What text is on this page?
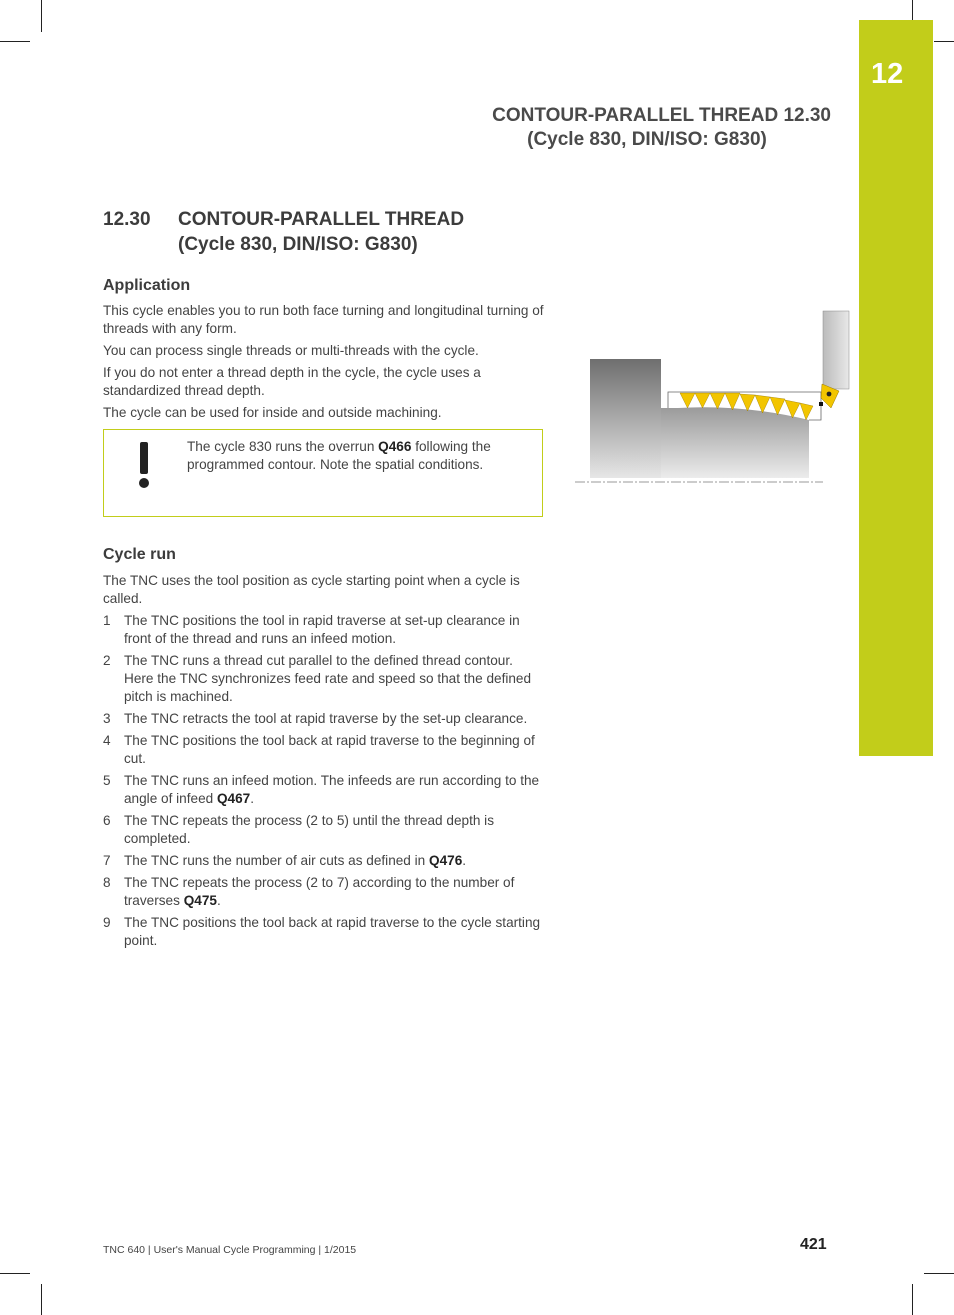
12
CONTOUR-PARALLEL THREAD 12.30
(Cycle 830, DIN/ISO: G830)
12.30 CONTOUR-PARALLEL THREAD
(Cycle 830, DIN/ISO: G830)
Application

This cycle enables you to run both face turning and longitudinal turning of threads with any form.

You can process single threads or multi-threads with the cycle.

If you do not enter a thread depth in the cycle, the cycle uses a standardized thread depth.

The cycle can be used for inside and outside machining.

The cycle 830 runs the overrun Q466 following the programmed contour. Note the spatial conditions.
Cycle run

The TNC uses the tool position as cycle starting point when a cycle is called.

1 The TNC positions the tool in rapid traverse at set-up clearance in front of the thread and runs an infeed motion.
2 The TNC runs a thread cut parallel to the defined thread contour. Here the TNC synchronizes feed rate and speed so that the defined pitch is machined.
3 The TNC retracts the tool at rapid traverse by the set-up clearance.
4 The TNC positions the tool back at rapid traverse to the beginning of cut.
5 The TNC runs an infeed motion. The infeeds are run according to the angle of infeed Q467.
6 The TNC repeats the process (2 to 5) until the thread depth is completed.
7 The TNC runs the number of air cuts as defined in Q476.
8 The TNC repeats the process (2 to 7) according to the number of traverses Q475.
9 The TNC positions the tool back at rapid traverse to the cycle starting point.
TNC 640 | User's Manual Cycle Programming | 1/2015	421
